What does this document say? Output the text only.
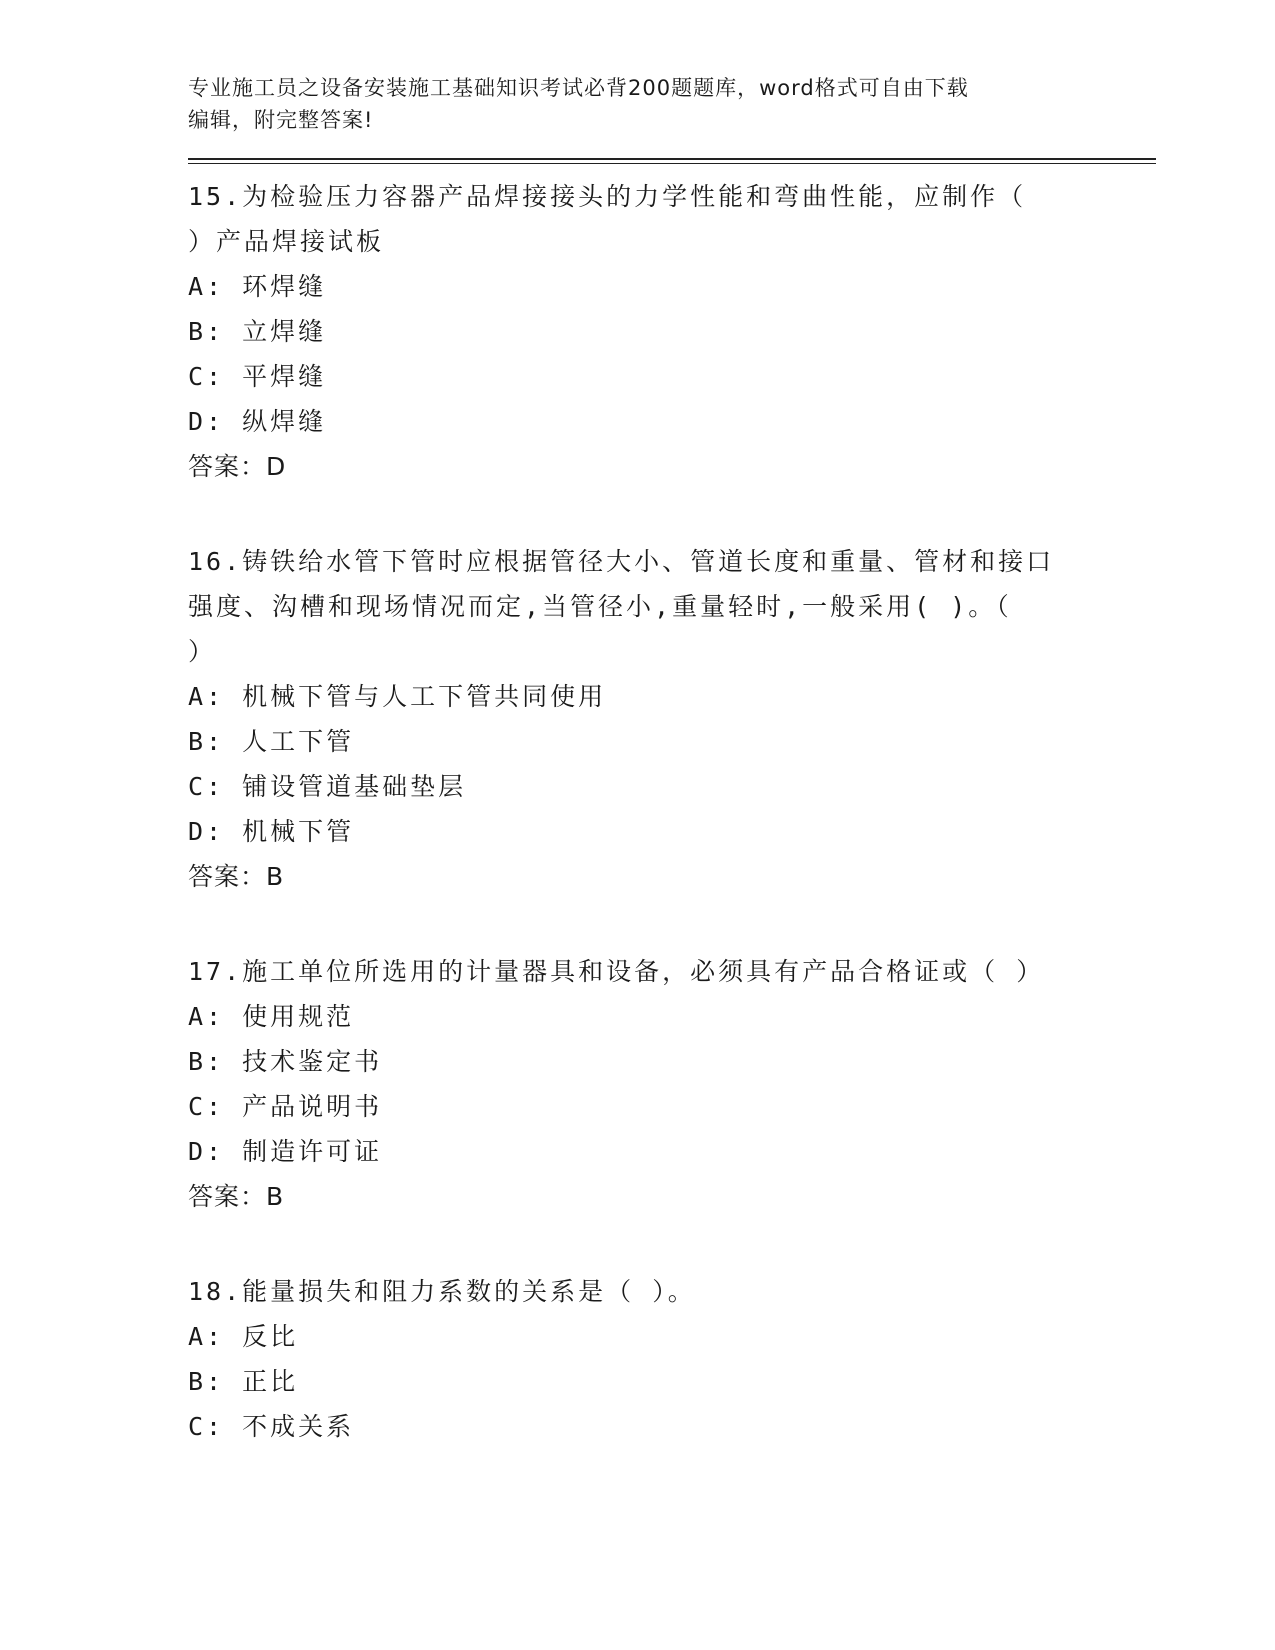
专业施工员之设备安装施工基础知识考试必背200题题库，word格式可自由下载
编辑，附完整答案!
15.为检验压力容器产品焊接接头的力学性能和弯曲性能，应制作（
）产品焊接试板
A: 环焊缝
B: 立焊缝
C: 平焊缝
D: 纵焊缝
答案：D
16.铸铁给水管下管时应根据管径大小、管道长度和重量、管材和接口
强度、沟槽和现场情况而定,当管径小,重量轻时,一般采用( )。（
）
A: 机械下管与人工下管共同使用
B: 人工下管
C: 铺设管道基础垫层
D: 机械下管
答案：B
17.施工单位所选用的计量器具和设备，必须具有产品合格证或（ ）
A: 使用规范
B: 技术鉴定书
C: 产品说明书
D: 制造许可证
答案：B
18.能量损失和阻力系数的关系是（ ）。
A: 反比
B: 正比
C: 不成关系
